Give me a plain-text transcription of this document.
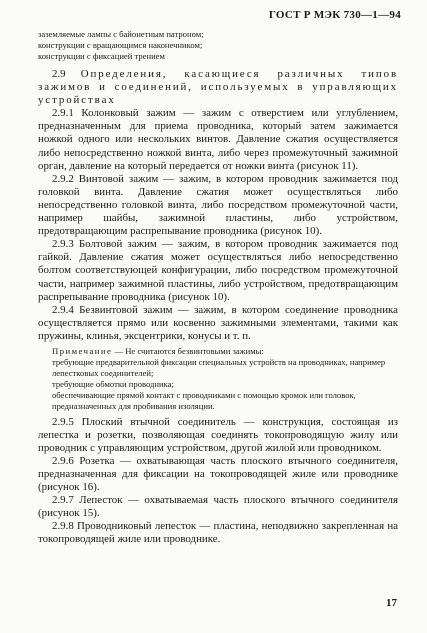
ГОСТ Р МЭК 730—1—94
заземляемые лампы с байонетным патроном;
конструкции с вращающимся наконечником;
конструкции с фиксацией трением
2.9 Определения, касающиеся различных типов зажимов и соединений, используемых в управляющих устройствах
2.9.1 Колонковый зажим — зажим с отверстием или углублением, предназначенным для приема проводника, который затем зажимается ножкой одного или нескольких винтов. Давление сжатия осуществляется либо непосредственно ножкой винта, либо через промежуточный зажимной орган, давление на который передается от ножки винта (рисунок 11).
2.9.2 Винтовой зажим — зажим, в котором проводник зажимается под головкой винта. Давление сжатия может осуществляться либо непосредственно головкой винта, либо посредством промежуточной части, например шайбы, зажимной пластины, либо устройством, предотвращающим распрепывание проводника (рисунок 10).
2.9.3 Болтовой зажим — зажим, в котором проводник зажимается под гайкой. Давление сжатия может осуществляться либо непосредственно болтом соответствующей конфигурации, либо посредством промежуточной части, например зажимной пластины, либо устройством, предотвращающим распрепывание проводника (рисунок 10).
2.9.4 Безвинтовой зажим — зажим, в котором соединение проводника осуществляется прямо или косвенно зажимными элементами, такими как пружины, клинья, эксцентрики, конусы и т. п.
Примечание — Не считаются безвинтовыми зажимы:
требующие предварительной фиксации специальных устройств на проводниках, например лепестковых соединителей;
требующие обмотки проводника;
обеспечивающие прямой контакт с проводниками с помощью кромок или головок, предназначенных для пробивания изоляции.
2.9.5 Плоский втычной соединитель — конструкция, состоящая из лепестка и розетки, позволяющая соединять токопроводящую жилу или проводник с управляющим устройством, другой жилой или проводником.
2.9.6 Розетка — охватывающая часть плоского втычного соединителя, предназначенная для фиксации на токопроводящей жиле или проводнике (рисунок 16).
2.9.7 Лепесток — охватываемая часть плоского втычного соединителя (рисунок 15).
2.9.8 Проводниковый лепесток — пластина, неподвижно закрепленная на токопроводящей жиле или проводнике.
17
